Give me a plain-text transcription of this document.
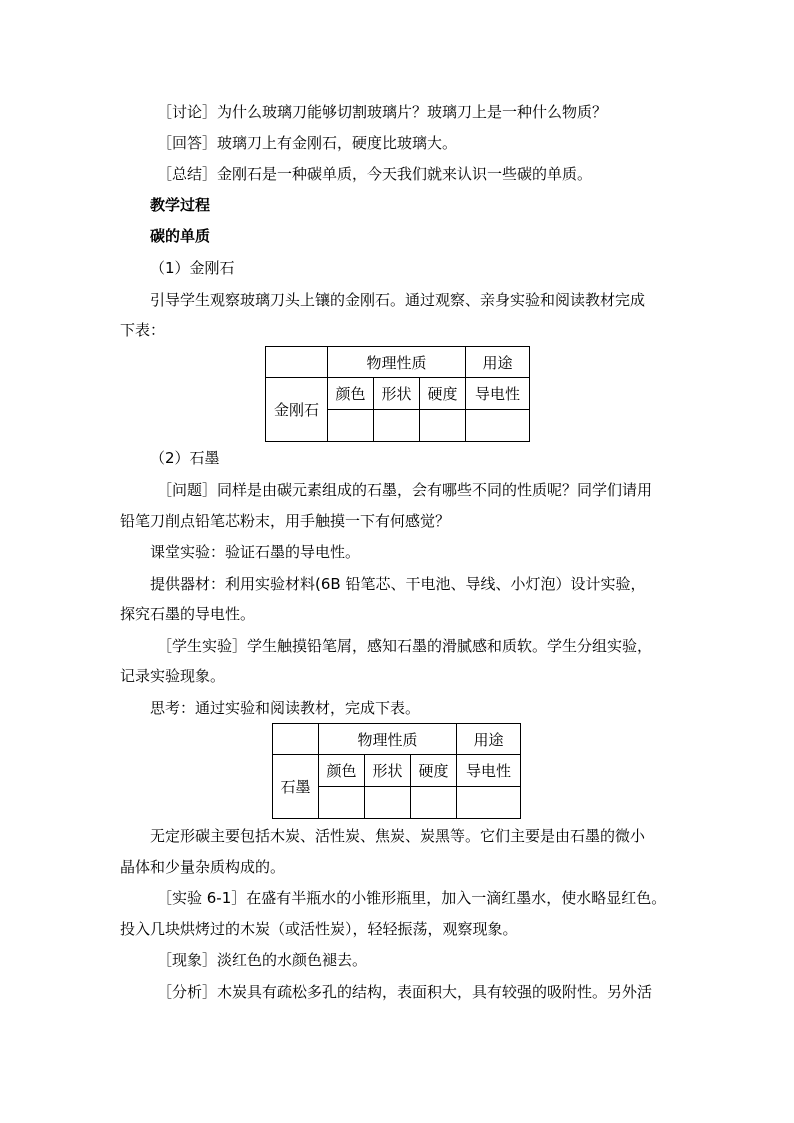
［讨论］为什么玻璃刀能够切割玻璃片？玻璃刀上是一种什么物质？
［回答］玻璃刀上有金刚石，硬度比玻璃大。
［总结］金刚石是一种碳单质，今天我们就来认识一些碳的单质。
教学过程
碳的单质
（1）金刚石
引导学生观察玻璃刀头上镶的金刚石。通过观察、亲身实验和阅读教材完成
下表：
	物理性质			用途
金刚石	颜色	形状	硬度	导电性

（2）石墨
［问题］同样是由碳元素组成的石墨，会有哪些不同的性质呢？同学们请用
铅笔刀削点铅笔芯粉末，用手触摸一下有何感觉？
课堂实验：验证石墨的导电性。
提供器材：利用实验材料(6B 铅笔芯、干电池、导线、小灯泡）设计实验，
探究石墨的导电性。
［学生实验］学生触摸铅笔屑，感知石墨的滑腻感和质软。学生分组实验，
记录实验现象。
思考：通过实验和阅读教材，完成下表。
	物理性质			用途
石墨	颜色	形状	硬度	导电性

无定形碳主要包括木炭、活性炭、焦炭、炭黑等。它们主要是由石墨的微小
晶体和少量杂质构成的。
［实验 6-1］在盛有半瓶水的小锥形瓶里，加入一滴红墨水，使水略显红色。
投入几块烘烤过的木炭（或活性炭），轻轻振荡，观察现象。
［现象］淡红色的水颜色褪去。
［分析］木炭具有疏松多孔的结构，表面积大，具有较强的吸附性。另外活
